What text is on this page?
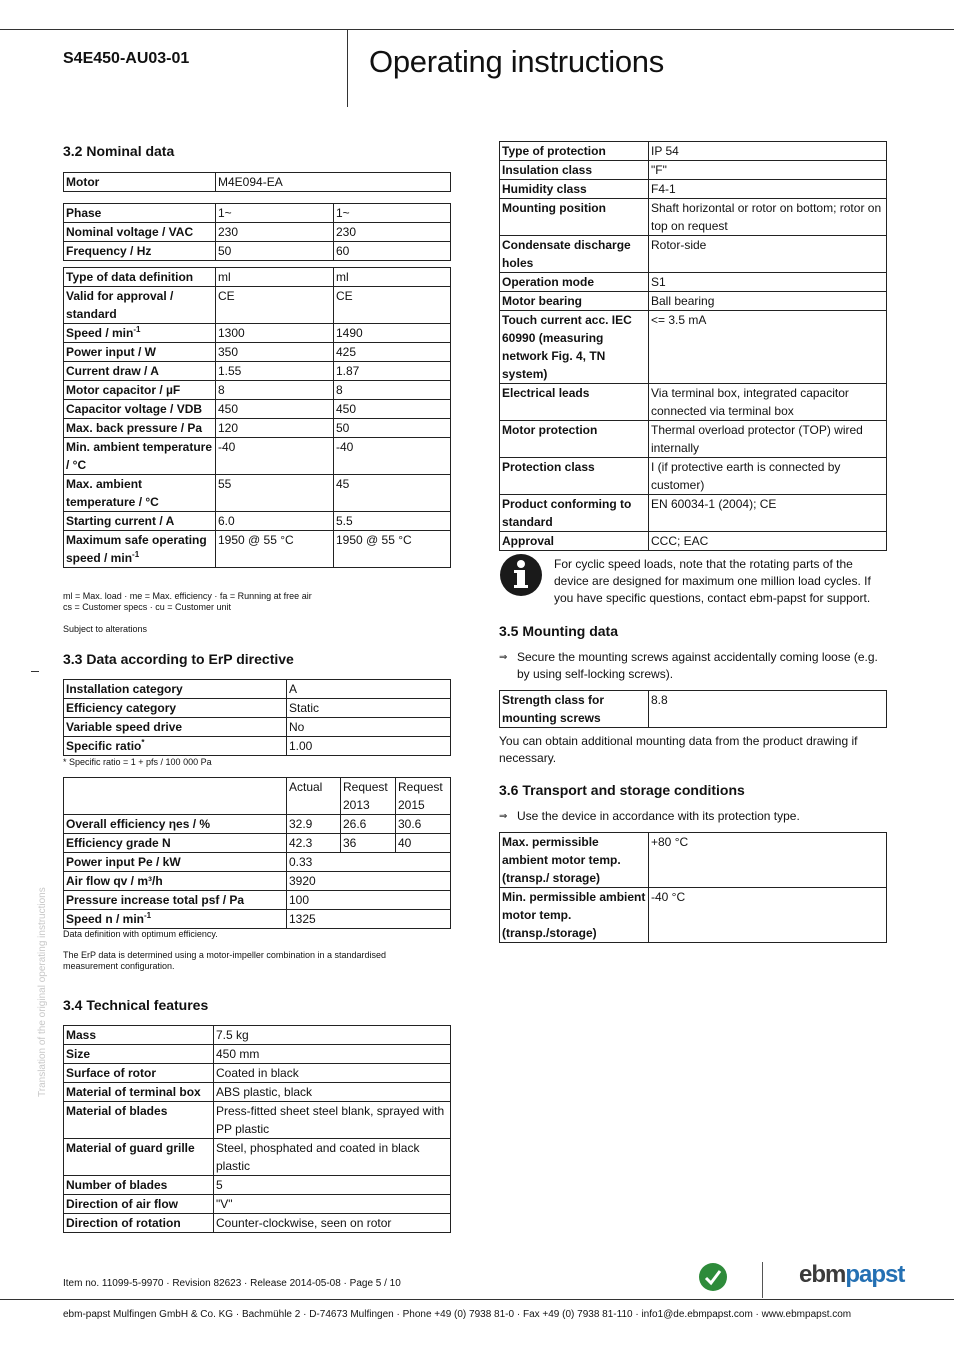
S4E450-AU03-01	Operating instructions
3.2 Nominal data
Motor	M4E094-EA
Phase	1~	1~
Nominal voltage / VAC	230	230
Frequency / Hz	50	60
Type of data definition	ml	ml
Valid for approval / standard	CE	CE
Speed / $\min^{-1}$	1300	1490
Power input / W	350	425
Current draw / A	1.55	1.87
Motor capacitor / µF	8	8
Capacitor voltage / VDB	450	450
Max. back pressure / Pa	120	50
Min. ambient temperature / °C	-40	-40
Max. ambient temperature / °C	55	45
Starting current / A	6.0	5.5
Maximum safe operating speed / $\min^{-1}$	1950 @ 55 °C	1950 @ 55 °C
ml = Max. load · me = Max. efficiency · fa = Running at free air
cs = Customer specs · cu = Customer unit
Subject to alterations
3.3 Data according to ErP directive
Installation category	A
Efficiency category	Static
Variable speed drive	No
Specific ratio*	1.00
* Specific ratio = 1 + pfs / 100 000 Pa
	Actual	Request 2013	Request 2015
Overall efficiency ηes / %	32.9	26.6	30.6
Efficiency grade N	42.3	36	40
Power input Pe / kW	0.33		
Air flow qv / m³/h	3920		
Pressure increase total psf / Pa	100		
Speed n / $\min^{-1}$	1325		
Data definition with optimum efficiency.
The ErP data is determined using a motor-impeller combination in a standardised measurement configuration.
3.4 Technical features
Mass	7.5 kg
Size	450 mm
Surface of rotor	Coated in black
Material of terminal box	ABS plastic, black
Material of blades	Press-fitted sheet steel blank, sprayed with PP plastic
Material of guard grille	Steel, phosphated and coated in black plastic
Number of blades	5
Direction of air flow	"V"
Direction of rotation	Counter-clockwise, seen on rotor
Translation of the original operating instructions
Type of protection	IP 54
Insulation class	"F"
Humidity class	F4-1
Mounting position	Shaft horizontal or rotor on bottom; rotor on top on request
Condensate discharge holes	Rotor-side
Operation mode	S1
Motor bearing	Ball bearing
Touch current acc. IEC 60990 (measuring network Fig. 4, TN system)	<= 3.5 mA
Electrical leads	Via terminal box, integrated capacitor connected via terminal box
Motor protection	Thermal overload protector (TOP) wired internally
Protection class	I (if protective earth is connected by customer)
Product conforming to standard	EN 60034-1 (2004); CE
Approval	CCC; EAC
For cyclic speed loads, note that the rotating parts of the device are designed for maximum one million load cycles. If you have specific questions, contact ebm-papst for support.
3.5 Mounting data
⇒ Secure the mounting screws against accidentally coming loose (e.g. by using self-locking screws).
Strength class for mounting screws	8.8
You can obtain additional mounting data from the product drawing if necessary.
3.6 Transport and storage conditions
⇒ Use the device in accordance with its protection type.
Max. permissible ambient motor temp. (transp./ storage)	+80 °C
Min. permissible ambient motor temp. (transp./storage)	-40 °C
Item no. 11099-5-9970 · Revision 82623 · Release 2014-05-08 · Page 5 / 10	ebmpapst
ebm-papst Mulfingen GmbH & Co. KG · Bachmühle 2 · D-74673 Mulfingen · Phone +49 (0) 7938 81-0 · Fax +49 (0) 7938 81-110 · info1@de.ebmpapst.com · www.ebmpapst.com
